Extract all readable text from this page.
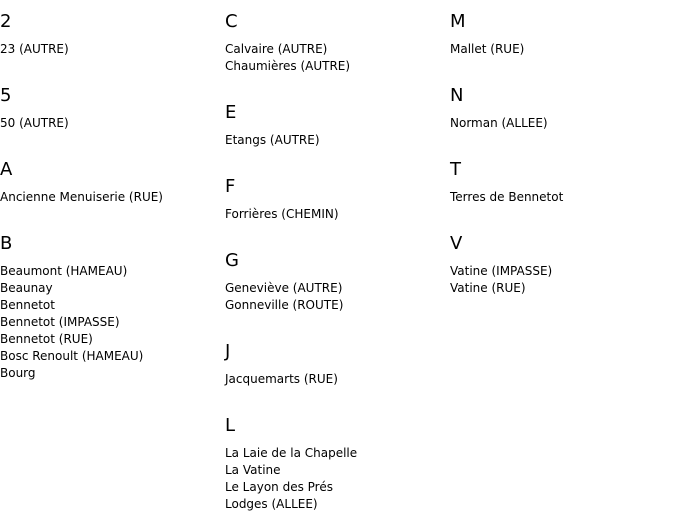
2
23 (AUTRE)
5
50 (AUTRE)
A
Ancienne Menuiserie (RUE)
B
Beaumont (HAMEAU)
Beaunay
Bennetot
Bennetot (IMPASSE)
Bennetot (RUE)
Bosc Renoult (HAMEAU)
Bourg
C
Calvaire (AUTRE)
Chaumières (AUTRE)
E
Etangs (AUTRE)
F
Forrières (CHEMIN)
G
Geneviève (AUTRE)
Gonneville (ROUTE)
J
Jacquemarts (RUE)
L
La Laie de la Chapelle
La Vatine
Le Layon des Prés
Lodges (ALLEE)
M
Mallet (RUE)
N
Norman (ALLEE)
T
Terres de Bennetot
V
Vatine (IMPASSE)
Vatine (RUE)
